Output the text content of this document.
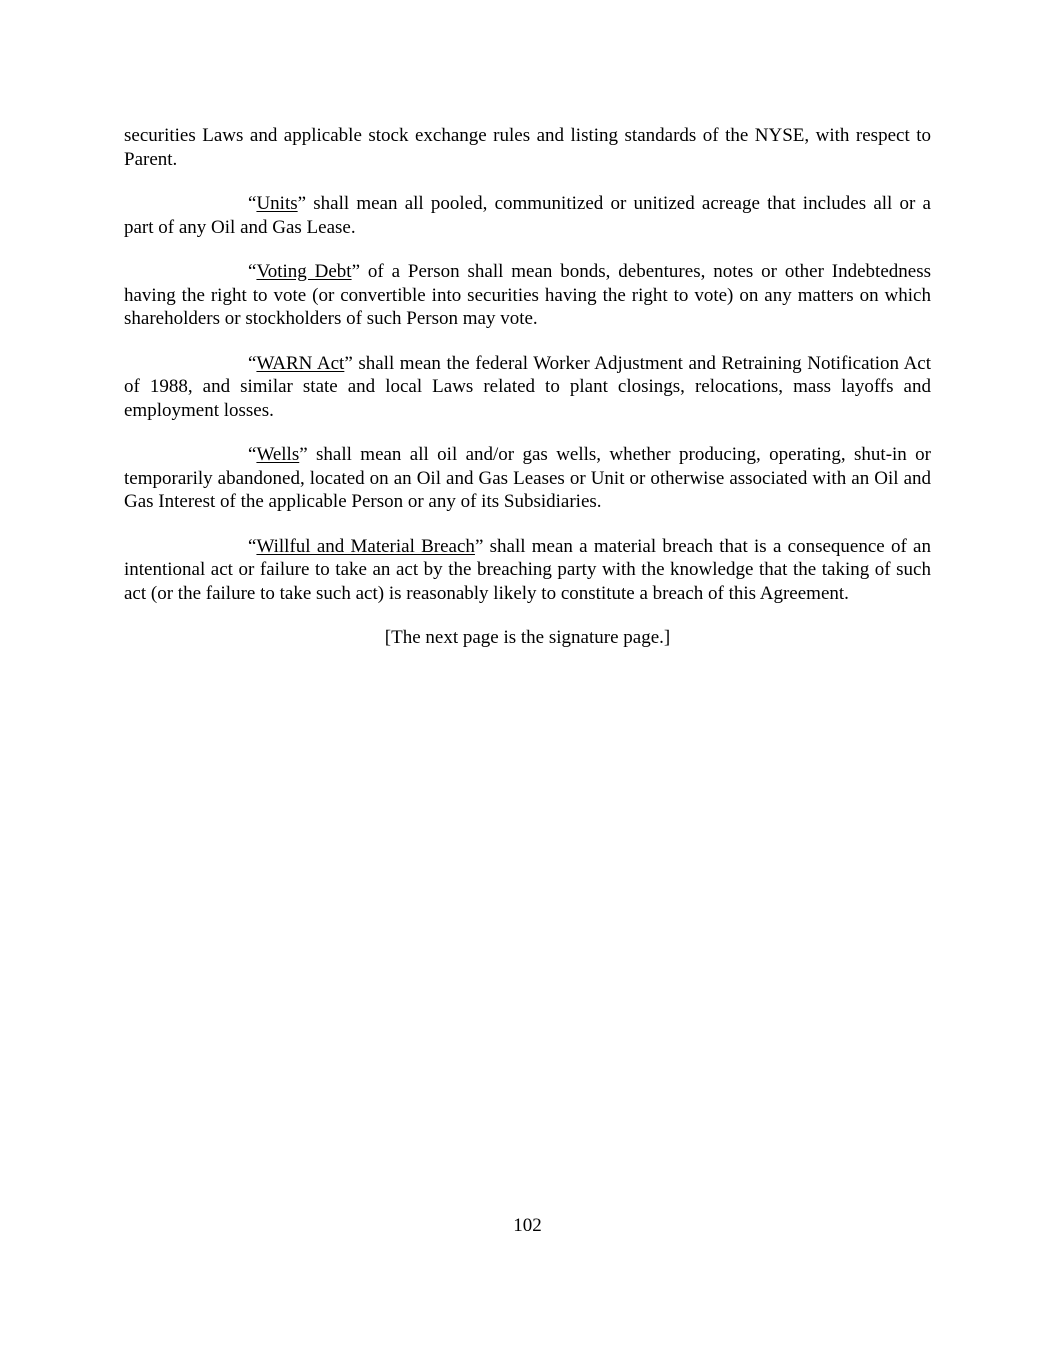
securities Laws and applicable stock exchange rules and listing standards of the NYSE, with respect to Parent.

“Units” shall mean all pooled, communitized or unitized acreage that includes all or a part of any Oil and Gas Lease.

“Voting Debt” of a Person shall mean bonds, debentures, notes or other Indebtedness having the right to vote (or convertible into securities having the right to vote) on any matters on which shareholders or stockholders of such Person may vote.

“WARN Act” shall mean the federal Worker Adjustment and Retraining Notification Act of 1988, and similar state and local Laws related to plant closings, relocations, mass layoffs and employment losses.

“Wells” shall mean all oil and/or gas wells, whether producing, operating, shut-in or temporarily abandoned, located on an Oil and Gas Leases or Unit or otherwise associated with an Oil and Gas Interest of the applicable Person or any of its Subsidiaries.

“Willful and Material Breach” shall mean a material breach that is a consequence of an intentional act or failure to take an act by the breaching party with the knowledge that the taking of such act (or the failure to take such act) is reasonably likely to constitute a breach of this Agreement.

[The next page is the signature page.]

102
